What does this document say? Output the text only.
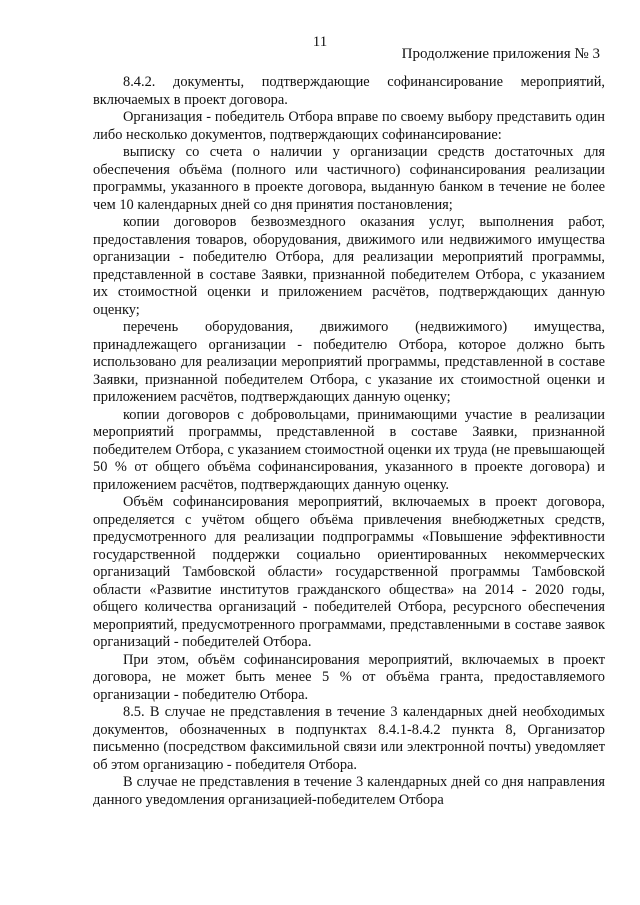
11
Продолжение приложения № 3

8.4.2. документы, подтверждающие софинансирование мероприятий, включаемых в проект договора.

Организация - победитель Отбора вправе по своему выбору представить один либо несколько документов, подтверждающих софинансирование:

выписку со счета о наличии у организации средств достаточных для обеспечения объёма (полного или частичного) софинансирования реализации программы, указанного в проекте договора, выданную банком в течение не более чем 10 календарных дней со дня принятия постановления;

копии договоров безвозмездного оказания услуг, выполнения работ, предоставления товаров, оборудования, движимого или недвижимого имущества организации - победителю Отбора, для реализации мероприятий программы, представленной в составе Заявки, признанной победителем Отбора, с указанием их стоимостной оценки и приложением расчётов, подтверждающих данную оценку;

перечень оборудования, движимого (недвижимого) имущества, принадлежащего организации - победителю Отбора, которое должно быть использовано для реализации мероприятий программы, представленной в составе Заявки, признанной победителем Отбора, с указание их стоимостной оценки и приложением расчётов, подтверждающих данную оценку;

копии договоров с добровольцами, принимающими участие в реализации мероприятий программы, представленной в составе Заявки, признанной победителем Отбора, с указанием стоимостной оценки их труда (не превышающей 50 % от общего объёма софинансирования, указанного в проекте договора) и приложением расчётов, подтверждающих данную оценку.

Объём софинансирования мероприятий, включаемых в проект договора, определяется с учётом общего объёма привлечения внебюджетных средств, предусмотренного для реализации подпрограммы «Повышение эффективности государственной поддержки социально ориентированных некоммерческих организаций Тамбовской области» государственной программы Тамбовской области «Развитие институтов гражданского общества» на 2014 - 2020 годы, общего количества организаций - победителей Отбора, ресурсного обеспечения мероприятий, предусмотренного программами, представленными в составе заявок организаций - победителей Отбора.

При этом, объём софинансирования мероприятий, включаемых в проект договора, не может быть менее 5 % от объёма гранта, предоставляемого организации - победителю Отбора.

8.5. В случае не представления в течение 3 календарных дней необходимых документов, обозначенных в подпунктах 8.4.1-8.4.2 пункта 8, Организатор письменно (посредством факсимильной связи или электронной почты) уведомляет об этом организацию - победителя Отбора.

В случае не представления в течение 3 календарных дней со дня направления данного уведомления организацией-победителем Отбора
